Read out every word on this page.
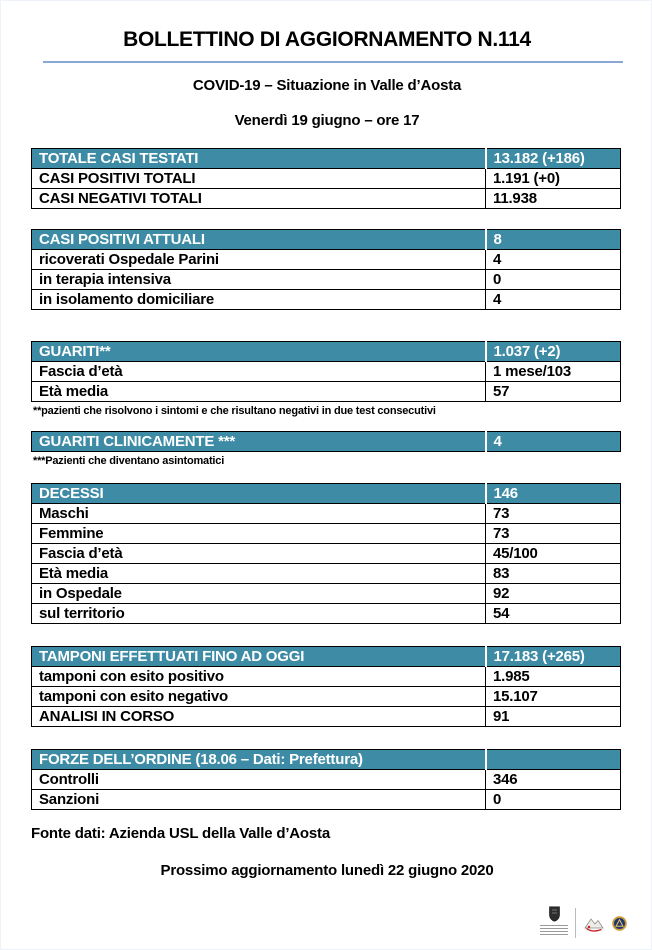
BOLLETTINO DI AGGIORNAMENTO N.114
COVID-19 – Situazione in Valle d’Aosta
Venerdì 19 giugno – ore 17
TOTALE CASI TESTATI	13.182 (+186)
CASI POSITIVI TOTALI	1.191 (+0)
CASI NEGATIVI TOTALI	11.938
CASI POSITIVI ATTUALI	8
ricoverati Ospedale Parini	4
in terapia intensiva	0
in isolamento domiciliare	4
GUARITI**	1.037 (+2)
Fascia d’età	1 mese/103
Età media	57
**pazienti che risolvono i sintomi e che risultano negativi in due test consecutivi
GUARITI CLINICAMENTE ***	4
***Pazienti che diventano asintomatici
DECESSI	146
Maschi	73
Femmine	73
Fascia d’età	45/100
Età media	83
in Ospedale	92
sul territorio	54
TAMPONI EFFETTUATI FINO AD OGGI	17.183 (+265)
tamponi con esito positivo	1.985
tamponi con esito negativo	15.107
ANALISI IN CORSO	91
FORZE DELL’ORDINE (18.06 – Dati: Prefettura)	
Controlli	346
Sanzioni	0
Fonte dati: Azienda USL della Valle d’Aosta
Prossimo aggiornamento lunedì 22 giugno 2020
